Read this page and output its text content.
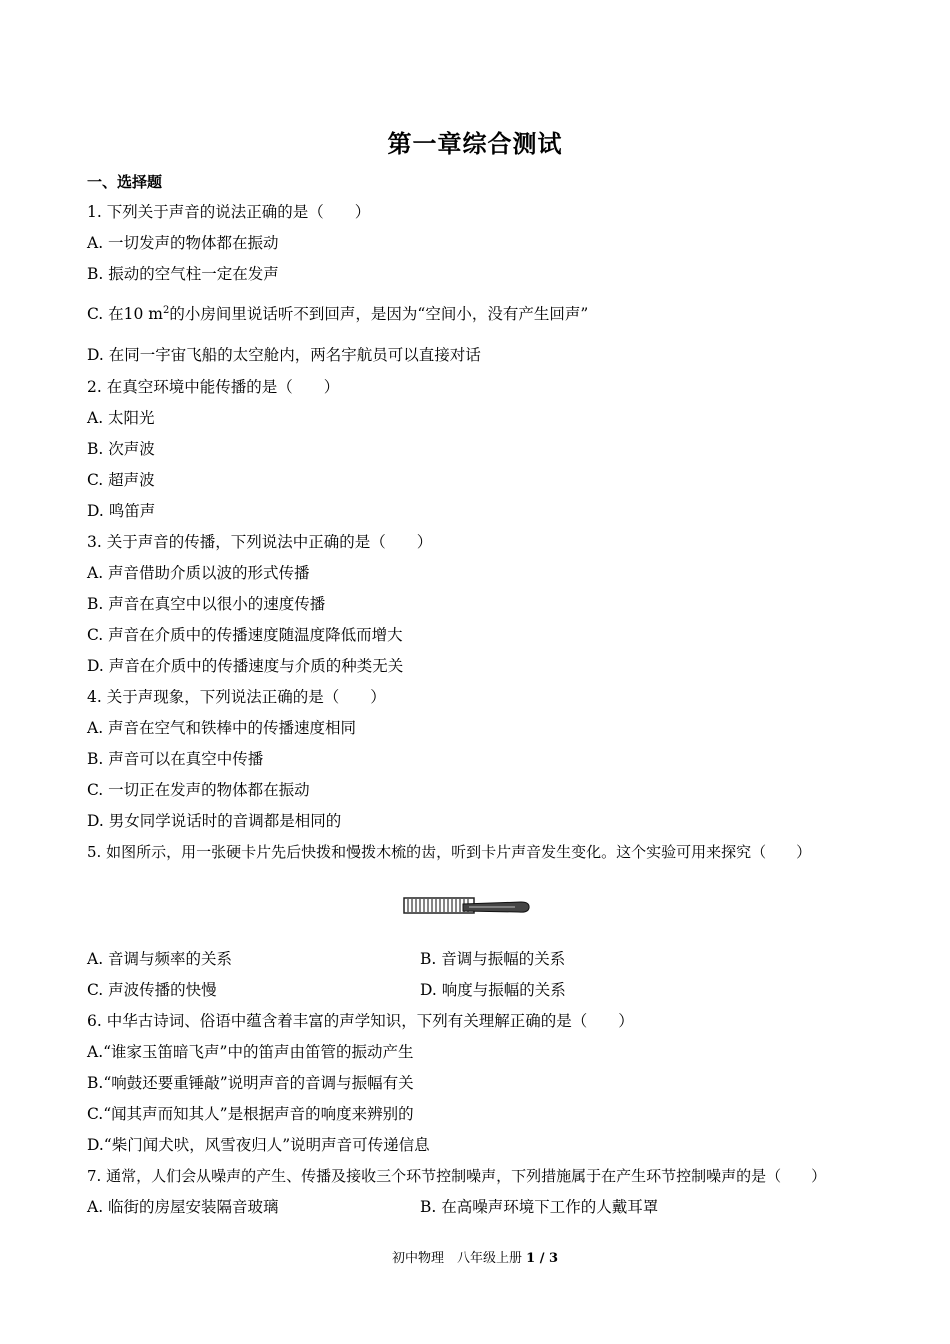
第一章综合测试
一、选择题
1. 下列关于声音的说法正确的是（　　）
A. 一切发声的物体都在振动
B. 振动的空气柱一定在发声
C. 在10 $m^2$的小房间里说话听不到回声，是因为“空间小，没有产生回声”
D. 在同一宇宙飞船的太空舱内，两名宇航员可以直接对话
2. 在真空环境中能传播的是（　　）
A. 太阳光
B. 次声波
C. 超声波
D. 鸣笛声
3. 关于声音的传播，下列说法中正确的是（　　）
A. 声音借助介质以波的形式传播
B. 声音在真空中以很小的速度传播
C. 声音在介质中的传播速度随温度降低而增大
D. 声音在介质中的传播速度与介质的种类无关
4. 关于声现象，下列说法正确的是（　　）
A. 声音在空气和铁棒中的传播速度相同
B. 声音可以在真空中传播
C. 一切正在发声的物体都在振动
D. 男女同学说话时的音调都是相同的
5. 如图所示，用一张硬卡片先后快拨和慢拨木梳的齿，听到卡片声音发生变化。这个实验可用来探究（　　）
A. 音调与频率的关系	B. 音调与振幅的关系
C. 声波传播的快慢	D. 响度与振幅的关系
6. 中华古诗词、俗语中蕴含着丰富的声学知识，下列有关理解正确的是（　　）
A.“谁家玉笛暗飞声”中的笛声由笛管的振动产生
B.“响鼓还要重锤敲”说明声音的音调与振幅有关
C.“闻其声而知其人”是根据声音的响度来辨别的
D.“柴门闻犬吠，风雪夜归人”说明声音可传递信息
7. 通常，人们会从噪声的产生、传播及接收三个环节控制噪声，下列措施属于在产生环节控制噪声的是（　　）
A. 临街的房屋安装隔音玻璃	B. 在高噪声环境下工作的人戴耳罩
初中物理　八年级上册 1 / 3
